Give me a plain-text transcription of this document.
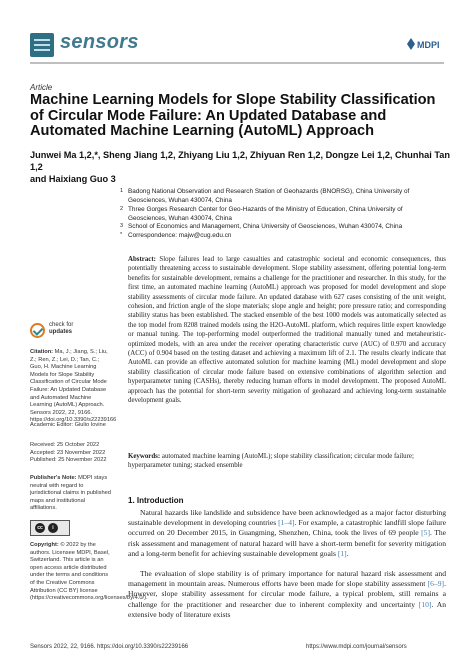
sensors	MDPI
Article
Machine Learning Models for Slope Stability Classification of Circular Mode Failure: An Updated Database and Automated Machine Learning (AutoML) Approach
Junwei Ma 1,2,*, Sheng Jiang 1,2, Zhiyang Liu 1,2, Zhiyuan Ren 1,2, Dongze Lei 1,2, Chunhai Tan 1,2
and Haixiang Guo 3
1 Badong National Observation and Research Station of Geohazards (BNORSG), China University of Geosciences, Wuhan 430074, China
2 Three Gorges Research Center for Geo-Hazards of the Ministry of Education, China University of Geosciences, Wuhan 430074, China
3 School of Economics and Management, China University of Geosciences, Wuhan 430074, China
* Correspondence: majw@cug.edu.cn
check for
updates
Citation: Ma, J.; Jiang, S.; Liu, Z.; Ren, Z.; Lei, D.; Tan, C.; Guo, H. Machine Learning Models for Slope Stability Classification of Circular Mode Failure: An Updated Database and Automated Machine Learning (AutoML) Approach. Sensors 2022, 22, 9166. https://doi.org/10.3390/s22239166
Academic Editor: Giulio Iovine
Received: 25 October 2022
Accepted: 23 November 2022
Published: 25 November 2022
Publisher's Note: MDPI stays neutral with regard to jurisdictional claims in published maps and institutional affiliations.
cc	i
Copyright: © 2022 by the authors. Licensee MDPI, Basel, Switzerland. This article is an open access article distributed under the terms and conditions of the Creative Commons Attribution (CC BY) license (https://creativecommons.org/licenses/by/4.0/).
Abstract: Slope failures lead to large casualties and catastrophic societal and economic consequences, thus potentially threatening access to sustainable development. Slope stability assessment, offering potential long-term benefits for sustainable development, remains a challenge for the practitioner and researcher. In this study, for the first time, an automated machine learning (AutoML) approach was proposed for model development and slope stability assessments of circular mode failure. An updated database with 627 cases consisting of the unit weight, cohesion, and friction angle of the slope materials; slope angle and height; pore pressure ratio; and corresponding stability status has been established. The stacked ensemble of the best 1000 models was automatically selected as the top model from 8208 trained models using the H2O-AutoML platform, which requires little expert knowledge or manual tuning. The top-performing model outperformed the traditional manually tuned and metaheuristic-optimized models, with an area under the receiver operating characteristic curve (AUC) of 0.970 and accuracy (ACC) of 0.904 based on the testing dataset and achieving a maximum lift of 2.1. The results clearly indicate that AutoML can provide an effective automated solution for machine learning (ML) model development and slope stability classification of circular mode failure based on extensive combinations of algorithm selection and hyperparameter tuning (CASHs), thereby reducing human efforts in model development. The proposed AutoML approach has the potential for short-term severity mitigation of geohazard and achieving long-term sustainable development goals.
Keywords: automated machine learning (AutoML); slope stability classification; circular mode failure; hyperparameter tuning; stacked ensemble
1. Introduction
Natural hazards like landslide and subsidence have been acknowledged as a major factor disturbing sustainable development in developing countries [1–4]. For example, a catastrophic landfill slope failure occurred on 20 December 2015, in Guangming, Shenzhen, China, took the lives of 69 people [5]. The risk assessment and management of natural hazard will have a short-term benefit for severity mitigation and a long-term benefit for achieving sustainable development goals [1].
The evaluation of slope stability is of primary importance for natural hazard risk assessment and management in mountain areas. Numerous efforts have been made for slope stability assessment [6–9]. However, slope stability assessment for circular mode failure, a typical problem, still remains a challenge for the practitioner and researcher due to inherent complexity and uncertainty [10]. An extensive body of literature exists
Sensors 2022, 22, 9166. https://doi.org/10.3390/s22239166	https://www.mdpi.com/journal/sensors
